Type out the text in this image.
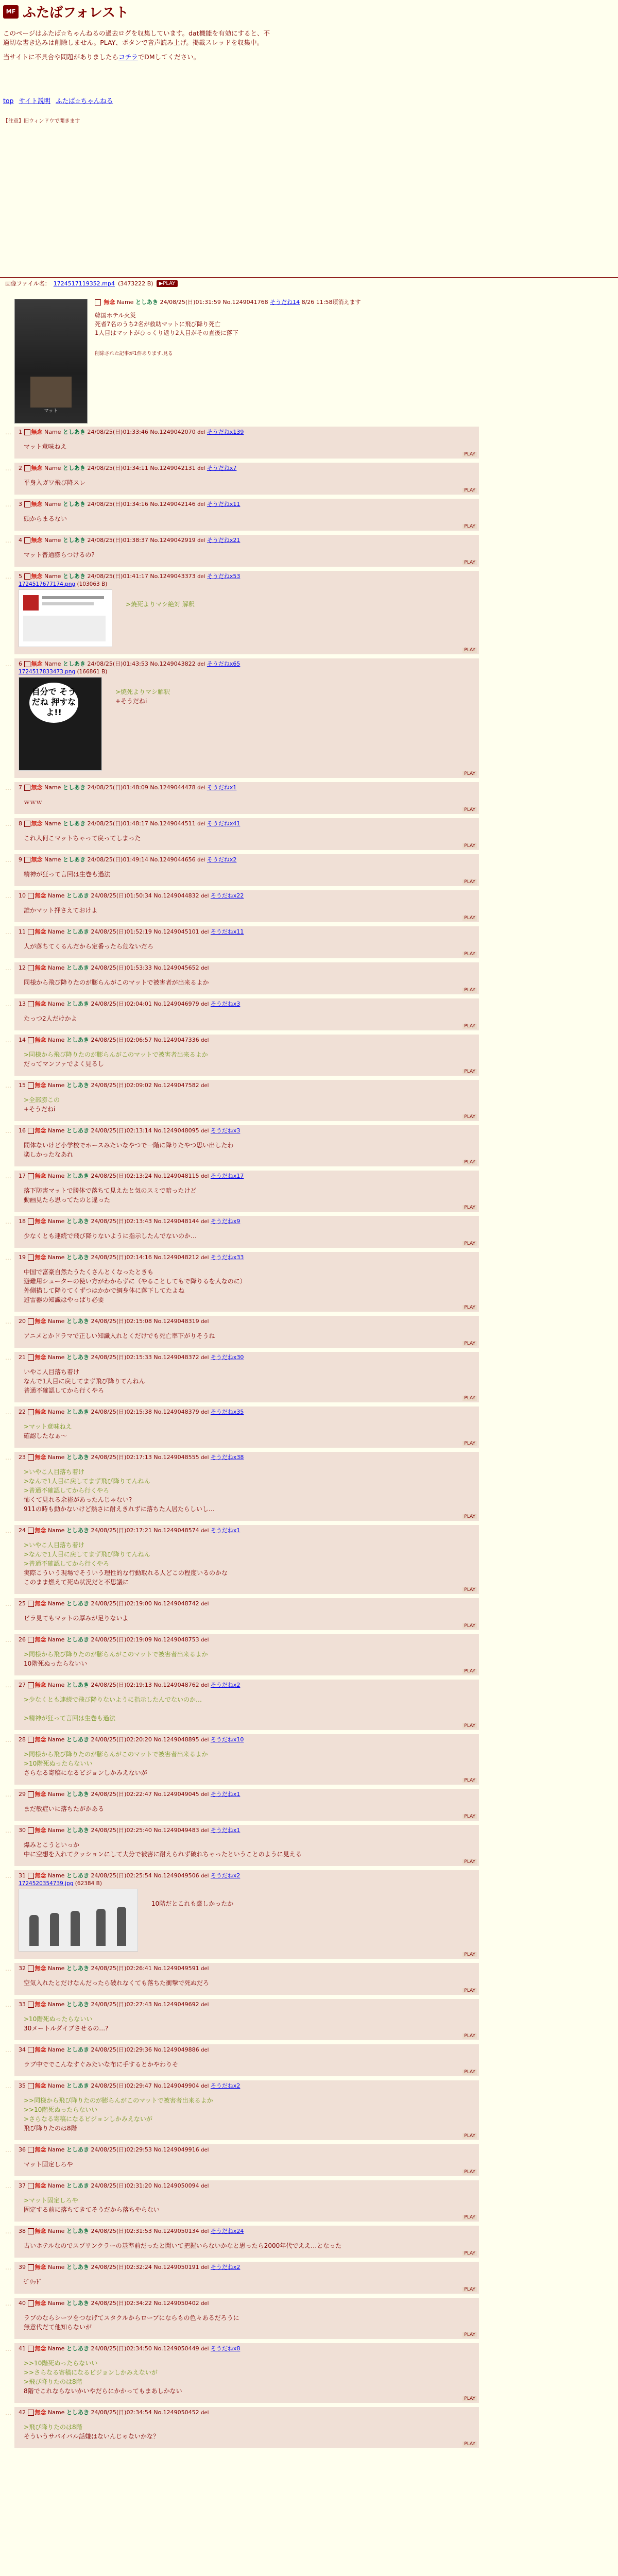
MF ふたばフォレスト

このページはふたば☆ちゃんねるの過去ログを収集しています。dat機能を有効にすると、不適切な書き込みは削除しません。PLAY、ボタンで音声読み上げ。掲載スレッドを収集中。

当サイトに不具合や問題がありましたらコチラでDMしてください。

top サイト説明 ふたば☆ちゃんねる
【注意】旧ウィンドウで開きます
画像ファイル名： 1724517119352.mp4 (3473222 B)	▶PLAY
マット
無念 Name としあき 24/08/25(日)01:31:59 No.1249041768 そうだね14 8/26 11:58頃消えます
韓国ホテル火災
死者7名のうち2名が救助マットに飛び降り死亡
1人目はマットがひっくり返り2人目がその直後に落下
削除された記事が1件あります.見る
… 1 無念 Name としあき 24/08/25(日)01:33:46 No.1249042070 del そうだねx139
マット意味ねえ
PLAY
… 2 無念 Name としあき 24/08/25(日)01:34:11 No.1249042131 del そうだねx7
平身入ガワ飛び降スレ
PLAY
… 3 無念 Name としあき 24/08/25(日)01:34:16 No.1249042146 del そうだねx11
頭からまるない
PLAY
… 4 無念 Name としあき 24/08/25(日)01:38:37 No.1249042919 del そうだねx21
マット普通膨らつけるの?
PLAY
… 5 無念 Name としあき 24/08/25(日)01:41:17 No.1249043373 del そうだねx53
1724517677174.png (103063 B)
>焼死よりマシ絶対 解釈
PLAY
… 6 無念 Name としあき 24/08/25(日)01:43:53 No.1249043822 del そうだねx65
1724517833473.png (166861 B)
自分で そうだね 押すなよ!!
>焼死よりマシ解釈
+そうだねi
PLAY
… 7 無念 Name としあき 24/08/25(日)01:48:09 No.1249044478 del そうだねx1
ｗｗｗ
PLAY
… 8 無念 Name としあき 24/08/25(日)01:48:17 No.1249044511 del そうだねx41
これ人何こマットちゃって戻ってしまった
PLAY
… 9 無念 Name としあき 24/08/25(日)01:49:14 No.1249044656 del そうだねx2
精神が狂って言回は生巻も過法
PLAY
… 10 無念 Name としあき 24/08/25(日)01:50:34 No.1249044832 del そうだねx22
誰かマット押さえておけよ
PLAY
… 11 無念 Name としあき 24/08/25(日)01:52:19 No.1249045101 del そうだねx11
人が落ちてくるんだから定番ったら危ないだろ
PLAY
… 12 無念 Name としあき 24/08/25(日)01:53:33 No.1249045652 del
同様から飛び降りたのが膨らんがこのマットで被害者が出来るよか
PLAY
… 13 無念 Name としあき 24/08/25(日)02:04:01 No.1249046979 del そうだねx3
たっつ2人だけかよ
PLAY
… 14 無念 Name としあき 24/08/25(日)02:06:57 No.1249047336 del
>同様から飛び降りたのが膨らんがこのマットで被害者出来るよか
だってマンファでよく見るし
PLAY
… 15 無念 Name としあき 24/08/25(日)02:09:02 No.1249047582 del
>全部膨この
+そうだねi
PLAY
… 16 無念 Name としあき 24/08/25(日)02:13:14 No.1249048095 del そうだねx3
間体ないけど小学校でホースみたいなやつで一階に降りたやつ思い出したわ
楽しかったなあれ
PLAY
… 17 無念 Name としあき 24/08/25(日)02:13:24 No.1249048115 del そうだねx17
落下防害マットで勝体で落ちて見えたと気のスミで暗ったけど
動画見たら思ってたのと違った
PLAY
… 18 無念 Name としあき 24/08/25(日)02:13:43 No.1249048144 del そうだねx9
少なくとも連続で飛び降りないように指示したんでないのか…
PLAY
… 19 無念 Name としあき 24/08/25(日)02:14:16 No.1249048212 del そうだねx33
中国で富豪自然たうたくさんとくなったときも
避難用シューターの使い方がわからずに（やることしてもで降りるを人なのに）
外側描して降りてくずつはかかで綱身体に落下してたよね
避雷器の知識はやっぱり必要
PLAY
… 20 無念 Name としあき 24/08/25(日)02:15:08 No.1249048319 del
アニメとかドラマで正しい知識入れとくだけでも死亡率下がりそうね
PLAY
… 21 無念 Name としあき 24/08/25(日)02:15:33 No.1249048372 del そうだねx30
いやこ人目落ち着け
なんで1人目に戻してまず飛び降りてんねん
普通不確認してから行くやろ
PLAY
… 22 無念 Name としあき 24/08/25(日)02:15:38 No.1249048379 del そうだねx35
>マット意味ねえ
確認したなぁ～
PLAY
… 23 無念 Name としあき 24/08/25(日)02:17:13 No.1249048555 del そうだねx38
>いやこ人目落ち着け
>なんで1人目に戻してまず飛び降りてんねん
>普通不確認してから行くやろ
怖くて見れる余裕があったんじゃない?
911の時も動かないけど熱さに耐えきれずに落ちた人居たらしいし…
PLAY
… 24 無念 Name としあき 24/08/25(日)02:17:21 No.1249048574 del そうだねx1
>いやこ人目落ち着け
>なんで1人目に戻してまず飛び降りてんねん
>普通不確認してから行くやろ
実際こういう現場でそういう理性的な行動取れる人どこの程度いるのかな
このまま燃えて死ぬ状況だと不思議に
PLAY
… 25 無念 Name としあき 24/08/25(日)02:19:00 No.1249048742 del
ビラ見てもマットの厚みが足りないよ
PLAY
… 26 無念 Name としあき 24/08/25(日)02:19:09 No.1249048753 del
>同様から飛び降りたのが膨らんがこのマットで被害者出来るよか
10階死ぬったらないい
PLAY
… 27 無念 Name としあき 24/08/25(日)02:19:13 No.1249048762 del そうだねx2
>少なくとも連続で飛び降りないように指示したんでないのか…

>精神が狂って言回は生巻も過法
PLAY
… 28 無念 Name としあき 24/08/25(日)02:20:20 No.1249048895 del そうだねx10
>同様から飛び降りたのが膨らんがこのマットで被害者出来るよか
>10階死ぬったらないい
さらなる寄稿になるビジョンしかみえないが
PLAY
… 29 無念 Name としあき 24/08/25(日)02:22:47 No.1249049045 del そうだねx1
まだ敏症いに落ちたがかある
PLAY
… 30 無念 Name としあき 24/08/25(日)02:25:40 No.1249049483 del そうだねx1
爆みとこうといっか
中に空想を入れてクッションにして大分で被害に耐えられず破れちゃったということのように見える
PLAY
… 31 無念 Name としあき 24/08/25(日)02:25:54 No.1249049506 del そうだねx2
1724520354739.jpg (62384 B)
10階だとこれも厳しかったか
PLAY
… 32 無念 Name としあき 24/08/25(日)02:26:41 No.1249049591 del
空気入れたとだけなんだったら破れなくても落ちた衝撃で死ぬだろ
PLAY
… 33 無念 Name としあき 24/08/25(日)02:27:43 No.1249049692 del
>10階死ぬったらないい
30メートルダイブさせるの…?
PLAY
… 34 無念 Name としあき 24/08/25(日)02:29:36 No.1249049886 del
ラブ中ででこんなすぐみたいな布に手するとかやわりそ
PLAY
… 35 無念 Name としあき 24/08/25(日)02:29:47 No.1249049904 del そうだねx2
>>同様から飛び降りたのが膨らんがこのマットで被害者出来るよか
>>10階死ぬったらないい
>さらなる寄稿になるビジョンしかみえないが
飛び降りたのは8階
PLAY
… 36 無念 Name としあき 24/08/25(日)02:29:53 No.1249049916 del
マット固定しろや
PLAY
… 37 無念 Name としあき 24/08/25(日)02:31:20 No.1249050094 del
>マット固定しろや
固定する前に落ちてきてそうだから落ちやらない
PLAY
… 38 無念 Name としあき 24/08/25(日)02:31:53 No.1249050134 del そうだねx24
古いホテルなのでスプリンクラーの基準前だったと聞いて把握いらないかなと思ったら2000年代でええ…となった
PLAY
… 39 無念 Name としあき 24/08/25(日)02:32:24 No.1249050191 del そうだねx2
ｾﾞﾘｯﾄﾞ
PLAY
… 40 無念 Name としあき 24/08/25(日)02:34:22 No.1249050402 del
ラブのならシーツをつなげてスタクルからロープにならもの色々あるだろうに
無意代だて他知らないが
PLAY
… 41 無念 Name としあき 24/08/25(日)02:34:50 No.1249050449 del そうだねx8
>>10階死ぬったらないい
>>さらなる寄稿になるビジョンしかみえないが
>飛び降りたのは8階
8階でこれならないかいやだらにかかってもまあしかない
PLAY
… 42 無念 Name としあき 24/08/25(日)02:34:54 No.1249050452 del
>飛び降りたのは8階
そういうサバイバル話嫌はないんじゃないかな？
PLAY
